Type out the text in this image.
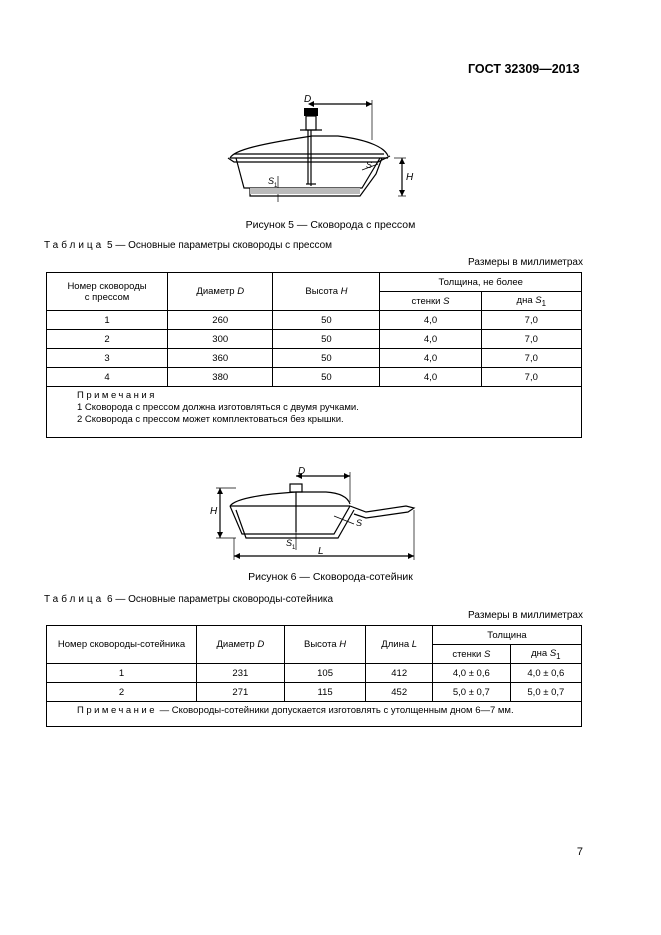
ГОСТ 32309—2013
D
H
S
S 1
Рисунок 5 — Сковорода с прессом
Таблица 5 — Основные параметры сковороды с прессом
Размеры в миллиметрах
Номер сковороды
с прессом	Диаметр D	Высота H	Толщина, не более	
			стенки S	дна $S_1$
1	260	50	4,0	7,0
2	300	50	4,0	7,0
3	360	50	4,0	7,0
4	380	50	4,0	7,0

Примечания
1 Сковорода с прессом должна изготовляться с двумя ручками.
2 Сковорода с прессом может комплектоваться без крышки.				
D
H
L
S
S 1
Рисунок 6 — Сковорода-сотейник
Таблица 6 — Основные параметры сковороды-сотейника
Размеры в миллиметрах
Номер сковороды-сотейника	Диаметр D	Высота H	Длина L	Толщина	
				стенки S	дна $S_1$
1	231	105	412	4,0 ± 0,6	4,0 ± 0,6
2	271	115	452	5,0 ± 0,7	5,0 ± 0,7
Примечание — Сковороды-сотейники допускается изготовлять с утолщенным дном 6—7 мм.					
7
